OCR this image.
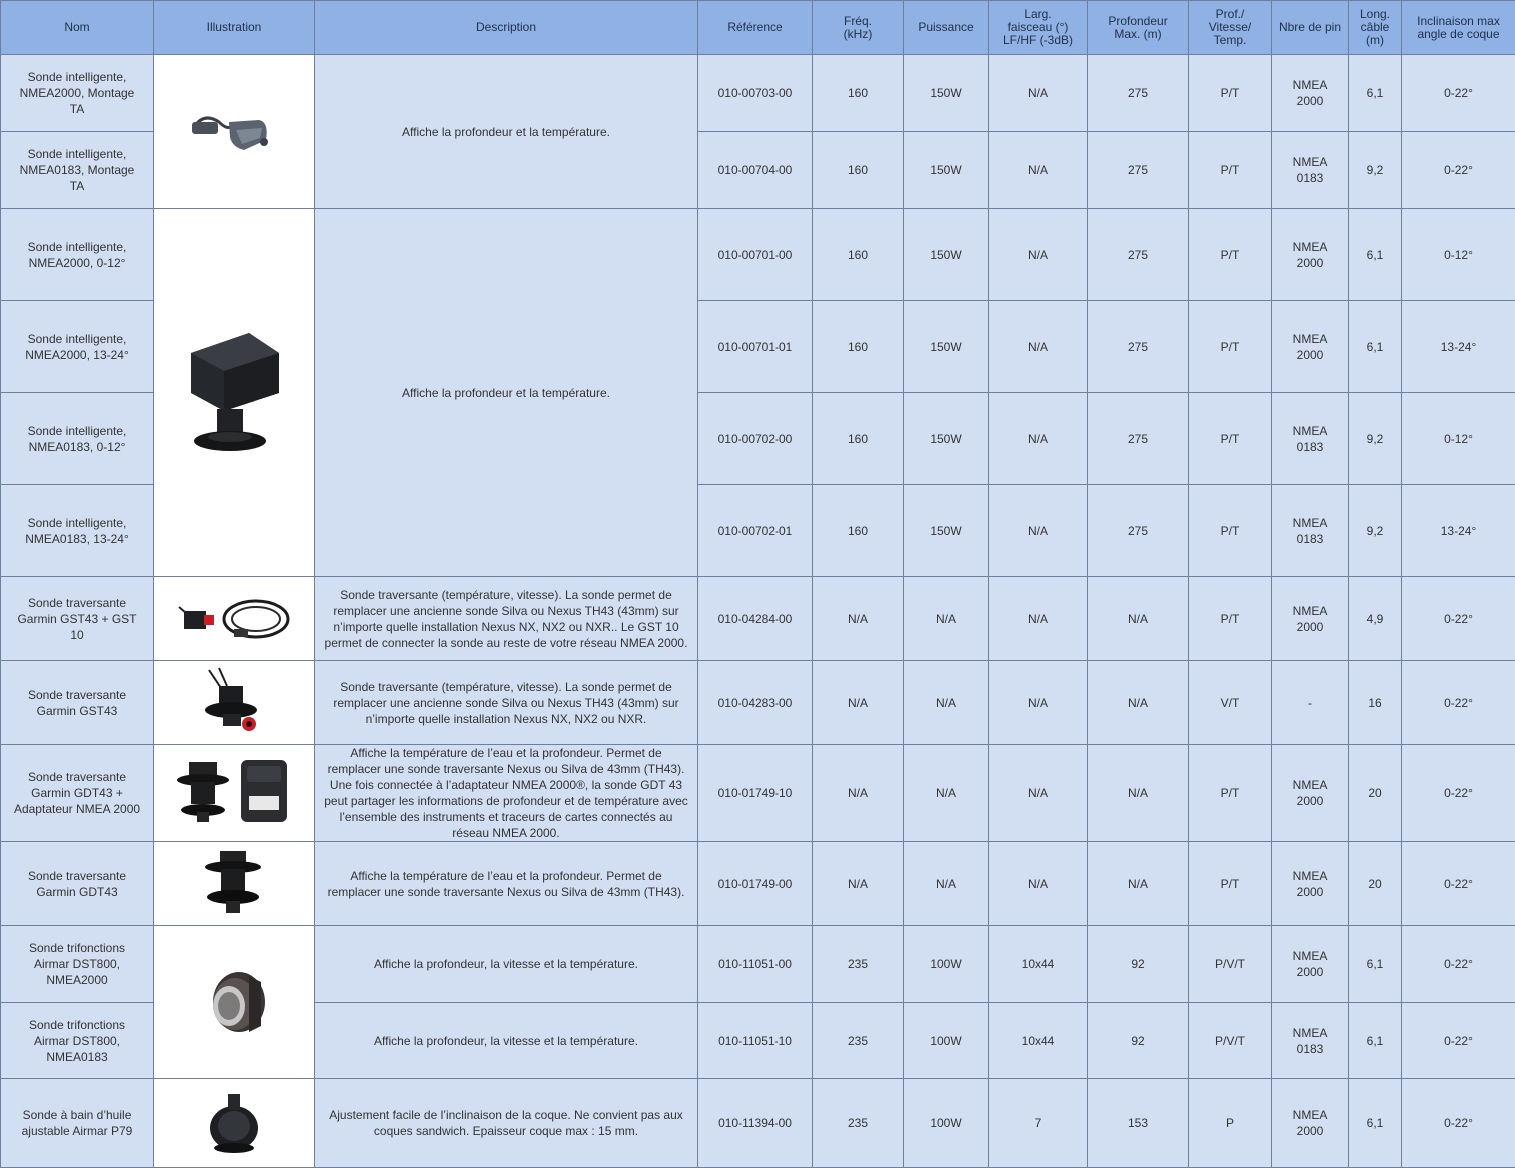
Nom	Illustration	Description	Référence	Fréq. (kHz)	Puissance	Larg. faisceau (°) LF/HF (-3dB)	Profondeur Max. (m)	Prof./ Vitesse/ Temp.	Nbre de pin	Long. câble (m)	Inclinaison max angle de coque
Sonde intelligente, NMEA2000, Montage TA		Affiche la profondeur et la température.	010-00703-00	160	150W	N/A	275	P/T	NMEA 2000	6,1	0-22°
Sonde intelligente, NMEA0183, Montage TA			010-00704-00	160	150W	N/A	275	P/T	NMEA 0183	9,2	0-22°
Sonde intelligente, NMEA2000, 0-12°		Affiche la profondeur et la température.	010-00701-00	160	150W	N/A	275	P/T	NMEA 2000	6,1	0-12°
Sonde intelligente, NMEA2000, 13-24°			010-00701-01	160	150W	N/A	275	P/T	NMEA 2000	6,1	13-24°
Sonde intelligente, NMEA0183, 0-12°			010-00702-00	160	150W	N/A	275	P/T	NMEA 0183	9,2	0-12°
Sonde intelligente, NMEA0183, 13-24°			010-00702-01	160	150W	N/A	275	P/T	NMEA 0183	9,2	13-24°
Sonde traversante Garmin GST43 + GST 10		Sonde traversante (température, vitesse). La sonde permet de remplacer une ancienne sonde Silva ou Nexus TH43 (43mm) sur n’importe quelle installation Nexus NX, NX2 ou NXR.. Le GST 10 permet de connecter la sonde au reste de votre réseau NMEA 2000.	010-04284-00	N/A	N/A	N/A	N/A	P/T	NMEA 2000	4,9	0-22°
Sonde traversante Garmin GST43		Sonde traversante (température, vitesse). La sonde permet de remplacer une ancienne sonde Silva ou Nexus TH43 (43mm) sur n’importe quelle installation Nexus NX, NX2 ou NXR.	010-04283-00	N/A	N/A	N/A	N/A	V/T	-	16	0-22°
Sonde traversante Garmin GDT43 + Adaptateur NMEA 2000		Affiche la température de l’eau et la profondeur. Permet de remplacer une sonde traversante Nexus ou Silva de 43mm (TH43). Une fois connectée à l’adaptateur NMEA 2000®, la sonde GDT 43 peut partager les informations de profondeur et de température avec l’ensemble des instruments et traceurs de cartes connectés au réseau NMEA 2000.	010-01749-10	N/A	N/A	N/A	N/A	P/T	NMEA 2000	20	0-22°
Sonde traversante Garmin GDT43		Affiche la température de l’eau et la profondeur. Permet de remplacer une sonde traversante Nexus ou Silva de 43mm (TH43).	010-01749-00	N/A	N/A	N/A	N/A	P/T	NMEA 2000	20	0-22°
Sonde trifonctions Airmar DST800, NMEA2000		Affiche la profondeur, la vitesse et la température.	010-11051-00	235	100W	10x44	92	P/V/T	NMEA 2000	6,1	0-22°
Sonde trifonctions Airmar DST800, NMEA0183		Affiche la profondeur, la vitesse et la température.	010-11051-10	235	100W	10x44	92	P/V/T	NMEA 0183	6,1	0-22°
Sonde à bain d’huile ajustable Airmar P79		Ajustement facile de l’inclinaison de la coque. Ne convient pas aux coques sandwich. Epaisseur coque max : 15 mm.	010-11394-00	235	100W	7	153	P	NMEA 2000	6,1	0-22°
